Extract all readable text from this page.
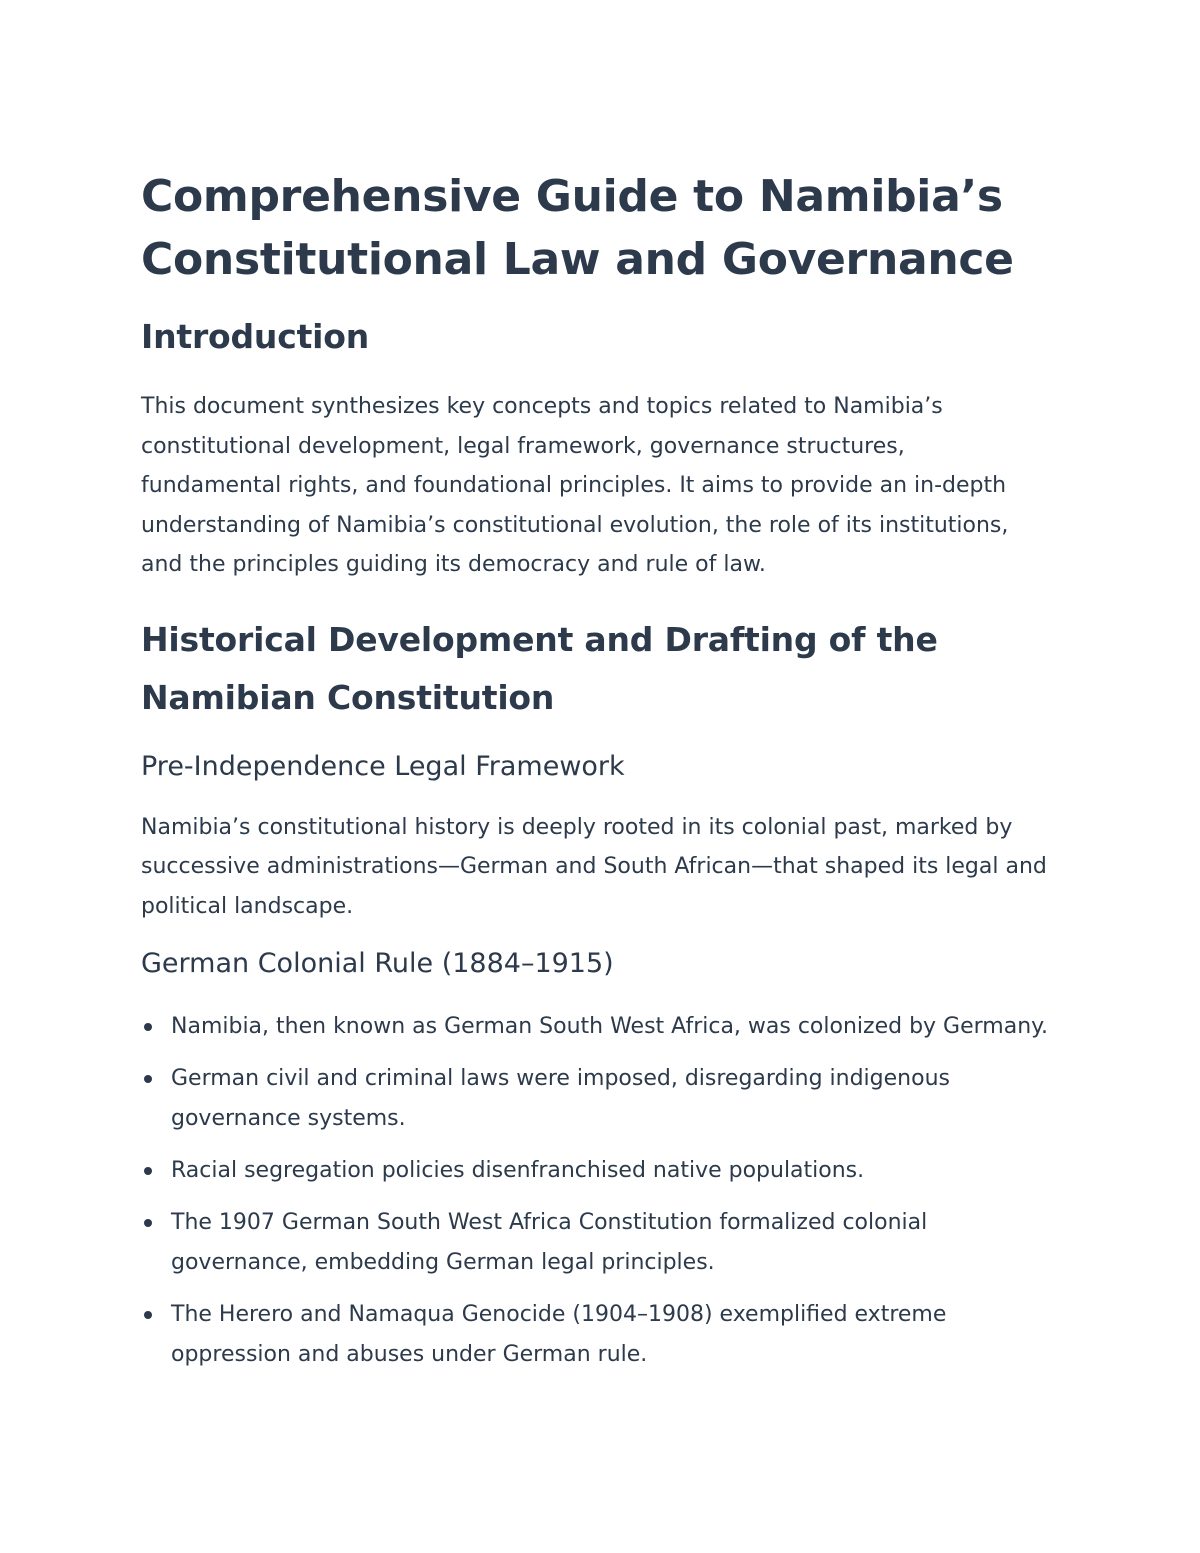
Comprehensive Guide to Namibia’s Constitutional Law and Governance
Introduction

This document synthesizes key concepts and topics related to Namibia’s constitutional development, legal framework, governance structures, fundamental rights, and foundational principles. It aims to provide an in-depth understanding of Namibia’s constitutional evolution, the role of its institutions, and the principles guiding its democracy and rule of law.

Historical Development and Drafting of the Namibian Constitution
Pre-Independence Legal Framework

Namibia’s constitutional history is deeply rooted in its colonial past, marked by successive administrations—German and South African—that shaped its legal and political landscape.

German Colonial Rule (1884–1915)
Namibia, then known as German South West Africa, was colonized by Germany.
German civil and criminal laws were imposed, disregarding indigenous governance systems.
Racial segregation policies disenfranchised native populations.
The 1907 German South West Africa Constitution formalized colonial governance, embedding German legal principles.
The Herero and Namaqua Genocide (1904–1908) exemplified extreme oppression and abuses under German rule.
